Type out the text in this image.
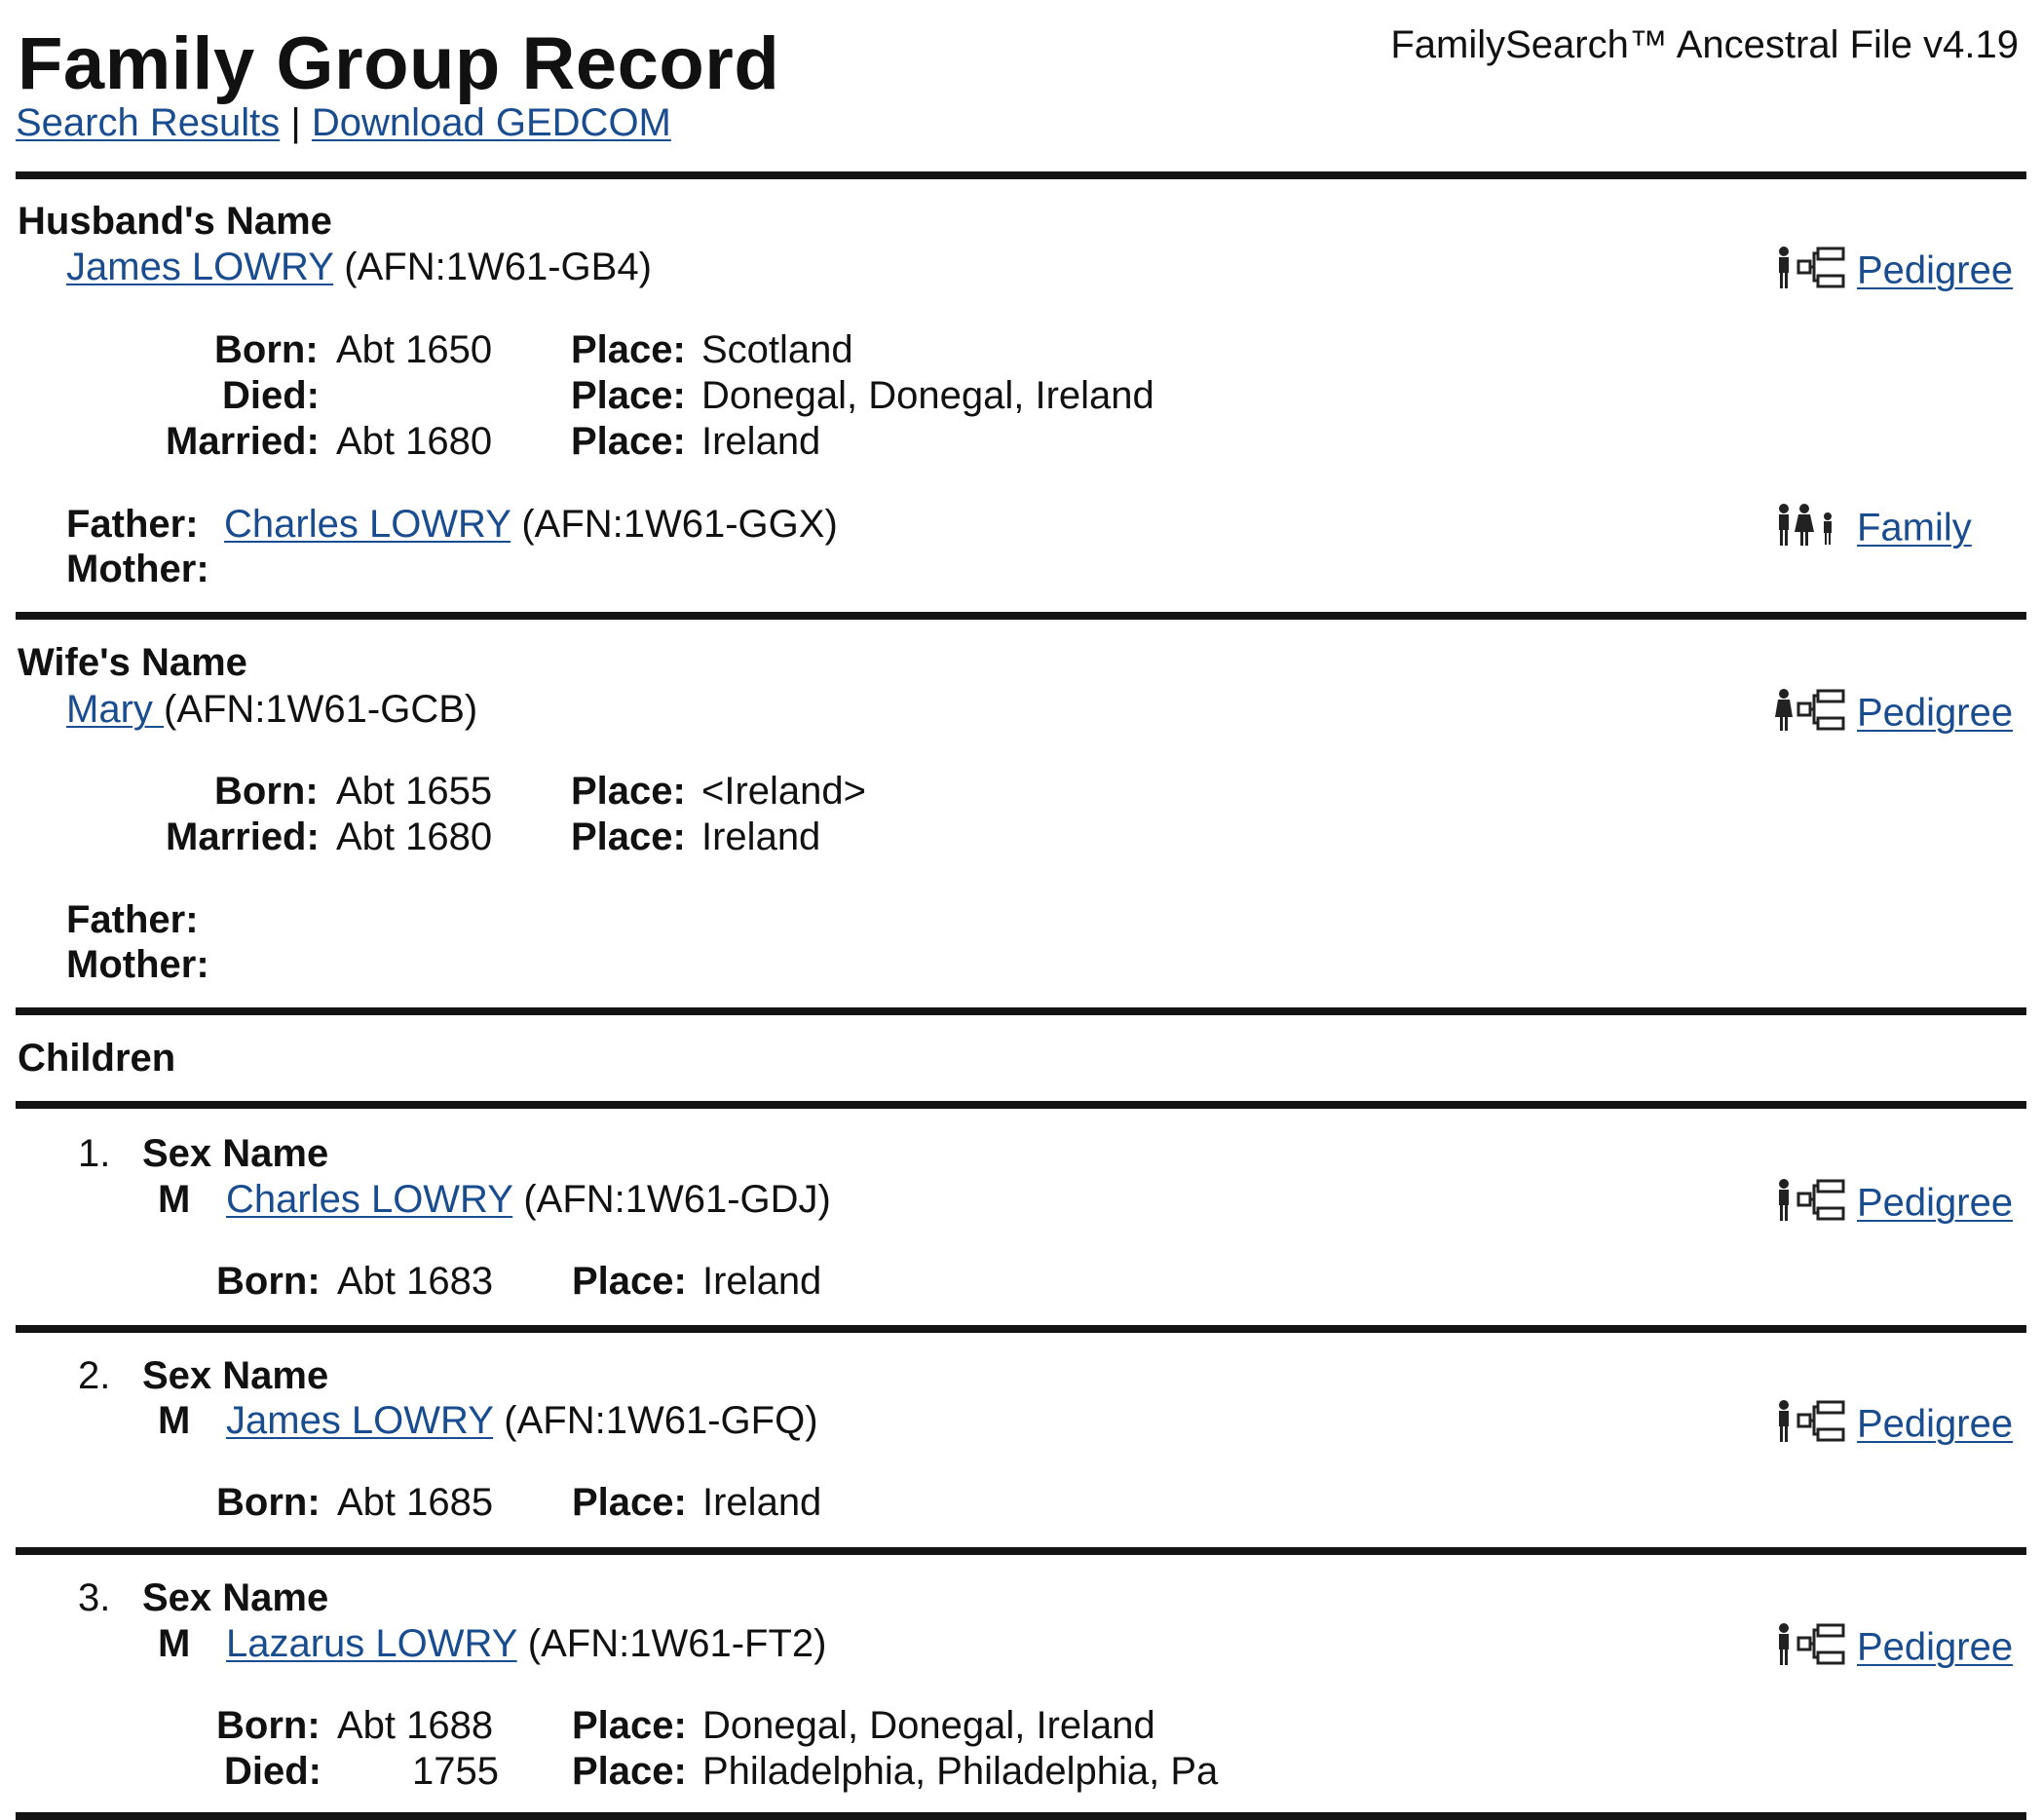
Family Group Record	FamilySearch™ Ancestral File v4.19
Search Results | Download GEDCOM
Husband's Name
James LOWRY (AFN:1W61-GB4)	Pedigree
Born: Abt 1650 Place: Scotland
Died:	Place: Donegal, Donegal, Ireland
Married: Abt 1680 Place: Ireland
Father: Charles LOWRY (AFN:1W61-GGX)	Family
Mother:
Wife's Name
Mary (AFN:1W61-GCB)	Pedigree
Born: Abt 1655 Place: <Ireland>
Married: Abt 1680 Place: Ireland
Father:
Mother:
Children
1. Sex Name
M Charles LOWRY (AFN:1W61-GDJ)	Pedigree
Born: Abt 1683 Place: Ireland
2. Sex Name
M James LOWRY (AFN:1W61-GFQ)	Pedigree
Born: Abt 1685 Place: Ireland
3. Sex Name
M Lazarus LOWRY (AFN:1W61-FT2)	Pedigree
Born: Abt 1688 Place: Donegal, Donegal, Ireland
Died: 1755 Place: Philadelphia, Philadelphia, Pa
